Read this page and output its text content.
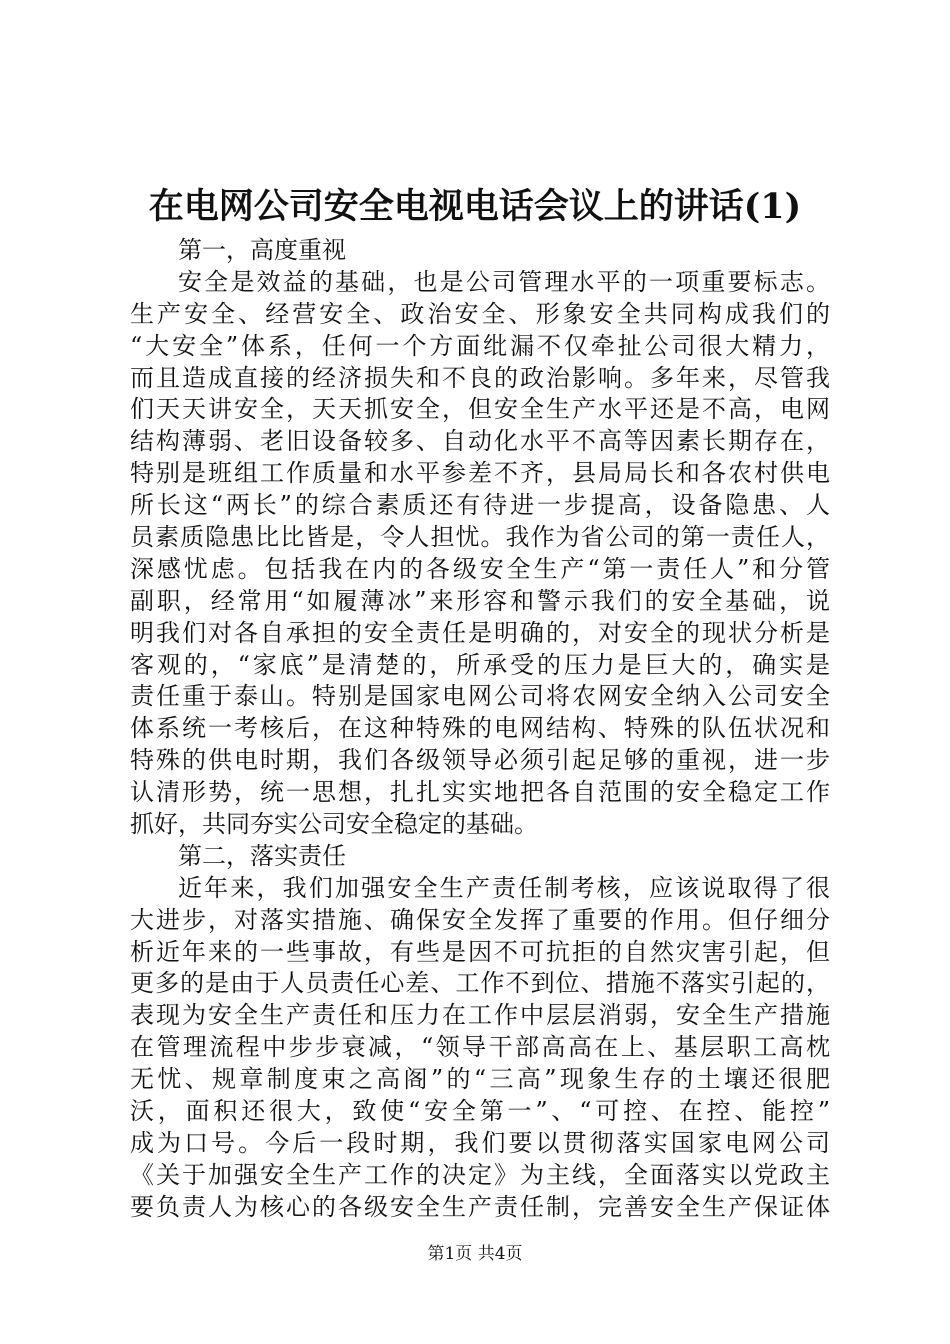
在电网公司安全电视电话会议上的讲话(1)
第一，高度重视
安全是效益的基础，也是公司管理水平的一项重要标志。
生产安全、经营安全、政治安全、形象安全共同构成我们的
“大安全”体系，任何一个方面纰漏不仅牵扯公司很大精力，
而且造成直接的经济损失和不良的政治影响。多年来，尽管我
们天天讲安全，天天抓安全，但安全生产水平还是不高，电网
结构薄弱、老旧设备较多、自动化水平不高等因素长期存在，
特别是班组工作质量和水平参差不齐，县局局长和各农村供电
所长这“两长”的综合素质还有待进一步提高，设备隐患、人
员素质隐患比比皆是，令人担忧。我作为省公司的第一责任人，
深感忧虑。包括我在内的各级安全生产“第一责任人”和分管
副职，经常用“如履薄冰”来形容和警示我们的安全基础，说
明我们对各自承担的安全责任是明确的，对安全的现状分析是
客观的，“家底”是清楚的，所承受的压力是巨大的，确实是
责任重于泰山。特别是国家电网公司将农网安全纳入公司安全
体系统一考核后，在这种特殊的电网结构、特殊的队伍状况和
特殊的供电时期，我们各级领导必须引起足够的重视，进一步
认清形势，统一思想，扎扎实实地把各自范围的安全稳定工作
抓好，共同夯实公司安全稳定的基础。
第二，落实责任
近年来，我们加强安全生产责任制考核，应该说取得了很
大进步，对落实措施、确保安全发挥了重要的作用。但仔细分
析近年来的一些事故，有些是因不可抗拒的自然灾害引起，但
更多的是由于人员责任心差、工作不到位、措施不落实引起的，
表现为安全生产责任和压力在工作中层层消弱，安全生产措施
在管理流程中步步衰减，“领导干部高高在上、基层职工高枕
无忧、规章制度束之高阁”的“三高”现象生存的土壤还很肥
沃，面积还很大，致使“安全第一”、“可控、在控、能控”
成为口号。今后一段时期，我们要以贯彻落实国家电网公司
《关于加强安全生产工作的决定》为主线，全面落实以党政主
要负责人为核心的各级安全生产责任制，完善安全生产保证体
第1页 共4页
